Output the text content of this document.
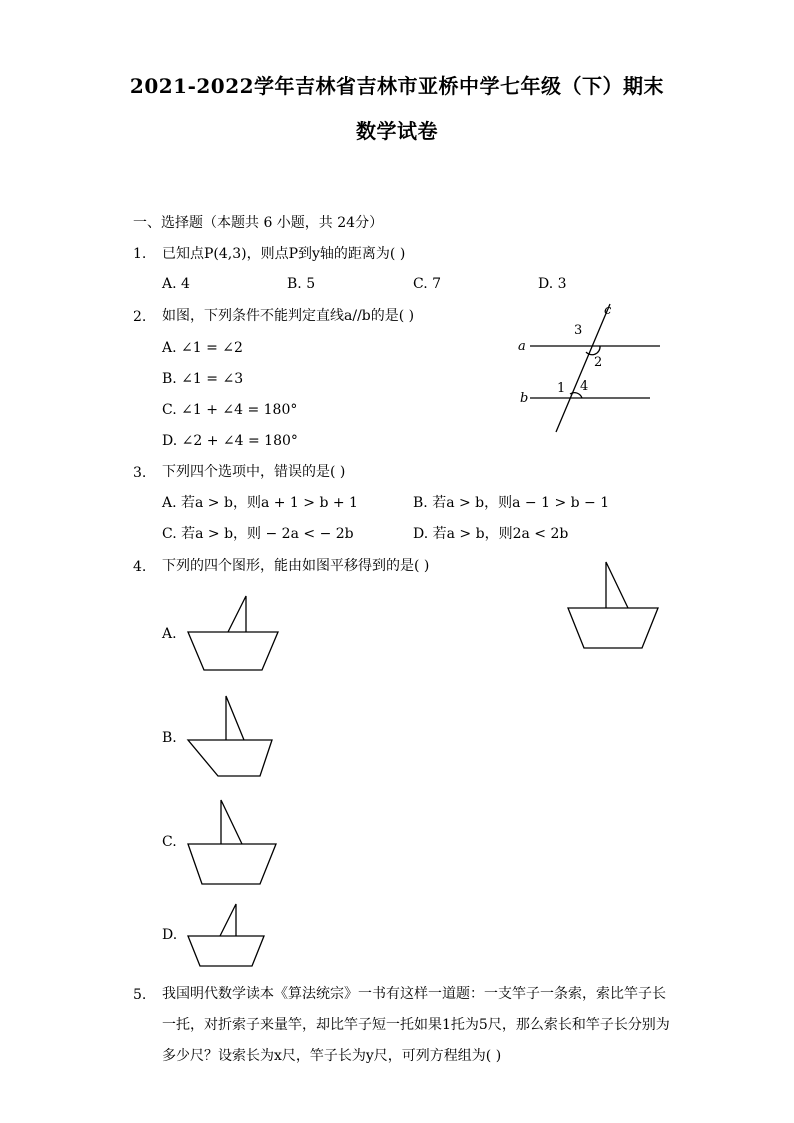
2021-2022学年吉林省吉林市亚桥中学七年级（下）期末
数学试卷
一、选择题（本题共 6 小题，共 24分）
1. 已知点P(4,3)，则点P到y轴的距离为( )
A. 4	B. 5	C. 7	D. 3
2. 如图，下列条件不能判定直线a//b的是( )
A. ∠1 = ∠2
B. ∠1 = ∠3
C. ∠1 + ∠4 = 180°
D. ∠2 + ∠4 = 180°
a
b
c
3
2
1 4
3. 下列四个选项中，错误的是( )
A. 若a > b，则a + 1 > b + 1	B. 若a > b，则a − 1 > b − 1
C. 若a > b，则 − 2a < − 2b	D. 若a > b，则2a < 2b
4. 下列的四个图形，能由如图平移得到的是( )
A.
B.
C.
D.
5. 我国明代数学读本《算法统宗》一书有这样一道题：一支竿子一条索，索比竿子长
一托，对折索子来量竿，却比竿子短一托如果1托为5尺，那么索长和竿子长分别为
多少尺？设索长为x尺，竿子长为y尺，可列方程组为( )
